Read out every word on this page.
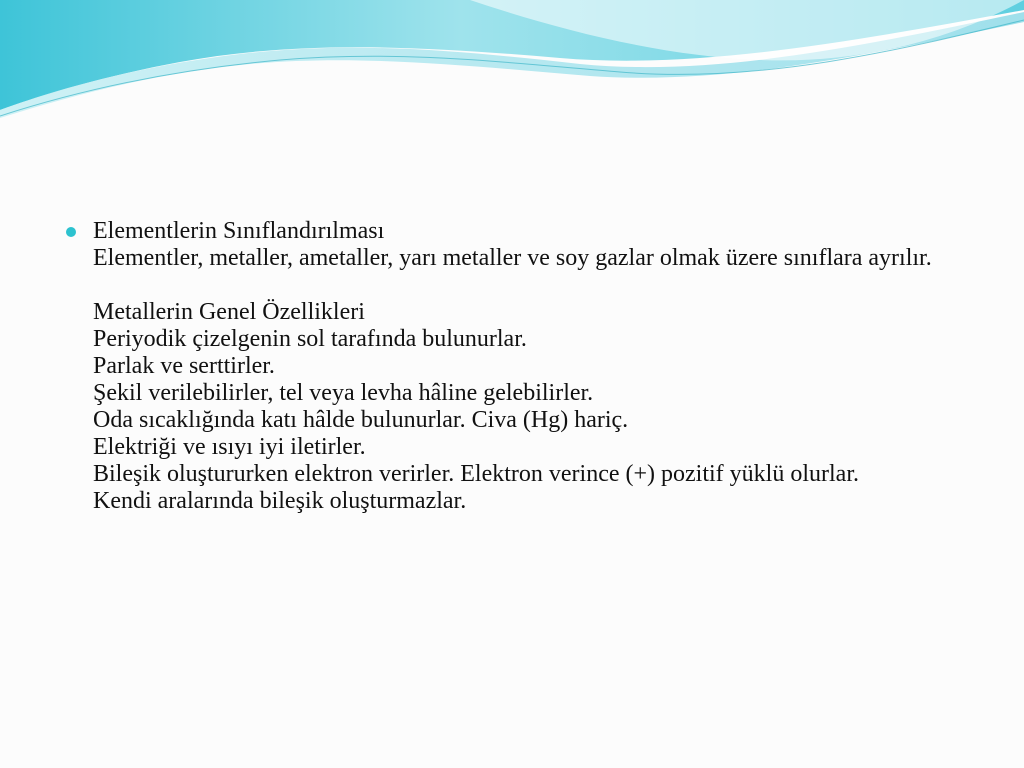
Elementlerin Sınıflandırılması
Elementler, metaller, ametaller, yarı metaller ve soy gazlar olmak üzere sınıflara ayrılır.
Metallerin Genel Özellikleri
Periyodik çizelgenin sol tarafında bulunurlar.
Parlak ve serttirler.
Şekil verilebilirler, tel veya levha hâline gelebilirler.
Oda sıcaklığında katı hâlde bulunurlar. Civa (Hg) hariç.
Elektriği ve ısıyı iyi iletirler.
Bileşik oluştururken elektron verirler. Elektron verince (+) pozitif yüklü olurlar.
Kendi aralarında bileşik oluşturmazlar.
